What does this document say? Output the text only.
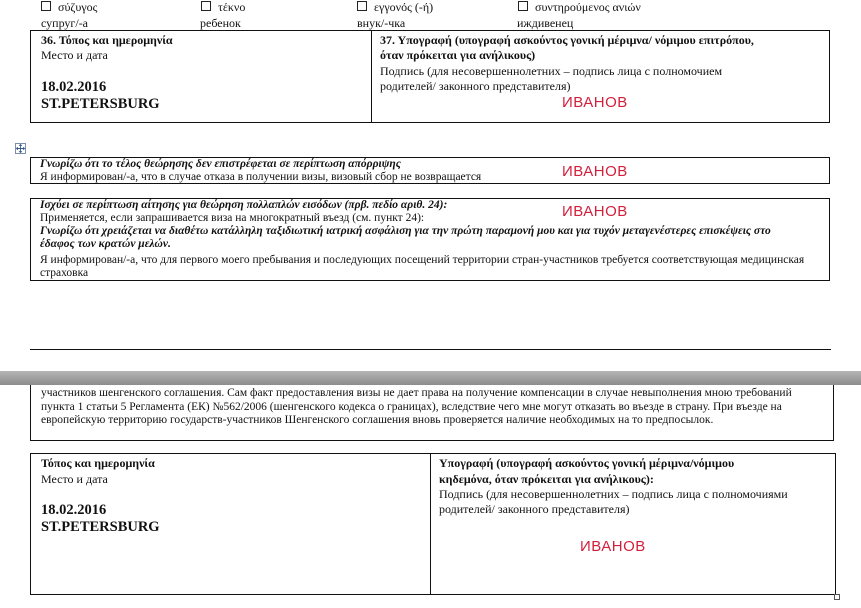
σύζυγος
супруг/-а
τέκνο
ребенок
εγγονός (-ή)
внук/-чка
συντηρούμενος ανιών
иждивенец
36. Τόπος και ημερομηνία
Место и дата
18.02.2016
ST.PETERSBURG
37. Υπογραφή (υπογραφή ασκούντος γονική μέριμνα/ νόμιμου επιτρόπου,
όταν πρόκειται για ανήλικους)
Подпись (для несовершеннолетних – подпись лица с полномочием
родителей/ законного представителя)
ИВАНОВ
Γνωρίζω ότι το τέλος θεώρησης δεν επιστρέφεται σε περίπτωση απόρριψης
Я информирован/-а, что в случае отказа в получении визы, визовый сбор не возвращается	ИВАНОВ
Ισχύει σε περίπτωση αίτησης για θεώρηση πολλαπλών εισόδων (πρβ. πεδίο αριθ. 24):
Применяется, если запрашивается виза на многократный въезд (см. пункт 24):
Γνωρίζω ότι χρειάζεται να διαθέτω κατάλληλη ταξιδιωτική ιατρική ασφάλιση για την πρώτη παραμονή μου και για τυχόν μεταγενέστερες επισκέψεις στο
έδαφος των κρατών μελών.
Я информирован/-а, что для первого моего пребывания и последующих посещений территории стран-участников требуется соответствующая медицинская
страховка
ИВАНОВ
участников шенгенского соглашения. Сам факт предоставления визы не дает права на получение компенсации в случае невыполнения мною требований
пункта 1 статьи 5 Регламента (ЕК) №562/2006 (шенгенского кодекса о границах), вследствие чего мне могут отказать во въезде в страну. При въезде на
европейскую территорию государств-участников Шенгенского соглашения вновь проверяется наличие необходимых на то предпосылок.
Τόπος και ημερομηνία
Место и дата
18.02.2016
ST.PETERSBURG
Υπογραφή (υπογραφή ασκούντος γονική μέριμνα/νόμιμου
κηδεμόνα, όταν πρόκειται για ανήλικους):
Подпись (для несовершеннолетних – подпись лица с полномочиями
родителей/ законного представителя)
ИВАНОВ
